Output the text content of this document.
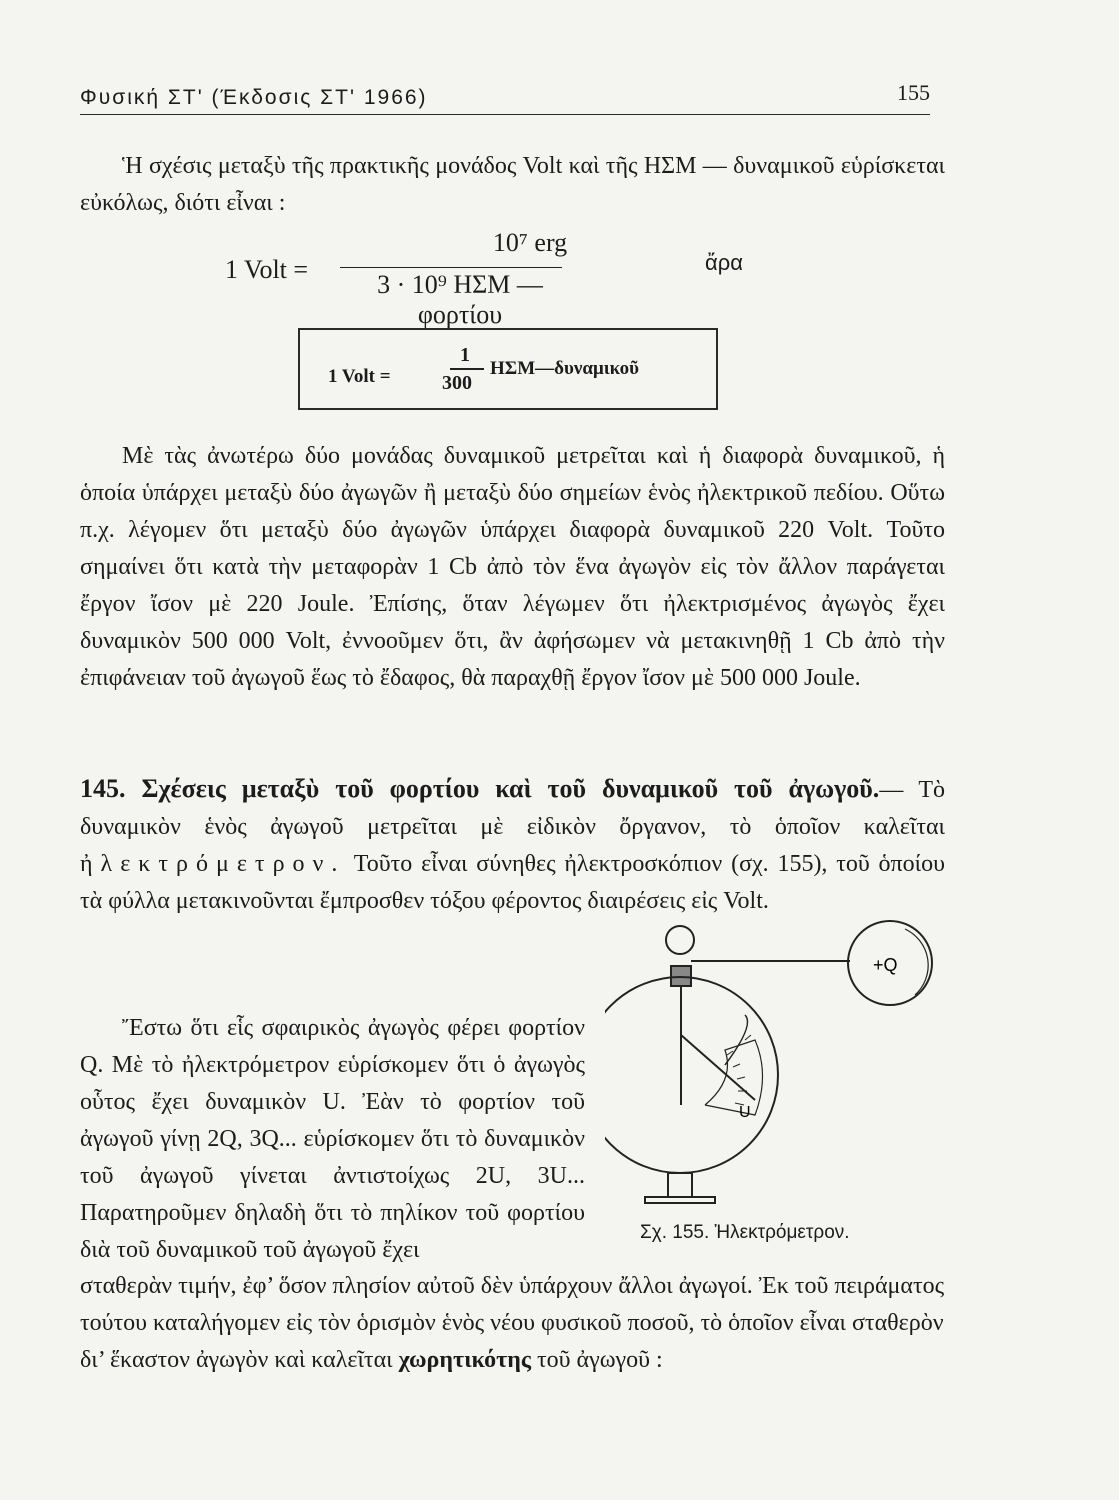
Φυσική ΣΤ' (Έκδοσις ΣΤ' 1966)	155

Ἡ σχέσις μεταξὺ τῆς πρακτικῆς μονάδος Volt καὶ τῆς ΗΣΜ — δυναμικοῦ εὑρίσκεται εὐκόλως, διότι εἶναι :

1 Volt =
10⁷ erg
3 · 10⁹ ΗΣΜ — φορτίου
ἄρα
1 Volt =
1
300
ΗΣΜ—δυναμικοῦ

Μὲ τὰς ἀνωτέρω δύο μονάδας δυναμικοῦ μετρεῖται καὶ ἡ διαφορὰ δυναμικοῦ, ἡ ὁποία ὑπάρχει μεταξὺ δύο ἀγωγῶν ἢ μεταξὺ δύο σημείων ἑνὸς ἠλεκτρικοῦ πεδίου. Οὕτω π.χ. λέγομεν ὅτι μεταξὺ δύο ἀγωγῶν ὑπάρχει διαφορὰ δυναμικοῦ 220 Volt. Τοῦτο σημαίνει ὅτι κατὰ τὴν μεταφορὰν 1 Cb ἀπὸ τὸν ἕνα ἀγωγὸν εἰς τὸν ἄλλον παράγεται ἔργον ἴσον μὲ 220 Joule. Ἐπίσης, ὅταν λέγωμεν ὅτι ἠλεκτρισμένος ἀγωγὸς ἔχει δυναμικὸν 500 000 Volt, ἐννοοῦμεν ὅτι, ἂν ἀφήσωμεν νὰ μετακινηθῇ 1 Cb ἀπὸ τὴν ἐπιφάνειαν τοῦ ἀγωγοῦ ἕως τὸ ἔδαφος, θὰ παραχθῇ ἔργον ἴσον μὲ 500 000 Joule.

145. Σχέσεις μεταξὺ τοῦ φορτίου καὶ τοῦ δυναμικοῦ τοῦ ἀγωγοῦ.— Τὸ δυναμικὸν ἑνὸς ἀγωγοῦ μετρεῖται μὲ εἰδικὸν ὄργανον, τὸ ὁποῖον καλεῖται ἠλεκτρόμετρον. Τοῦτο εἶναι σύνηθες ἠλεκτροσκόπιον (σχ. 155), τοῦ ὁποίου τὰ φύλλα μετακινοῦνται ἔμπροσθεν τόξου φέροντος διαιρέσεις εἰς Volt.

Ἔστω ὅτι εἷς σφαιρικὸς ἀγωγὸς φέρει φορτίον Q. Μὲ τὸ ἠλεκτρόμετρον εὑρίσκομεν ὅτι ὁ ἀγωγὸς οὗτος ἔχει δυναμικὸν U. Ἐὰν τὸ φορτίον τοῦ ἀγωγοῦ γίνῃ 2Q, 3Q... εὑρίσκομεν ὅτι τὸ δυναμικὸν τοῦ ἀγωγοῦ γίνεται ἀντιστοίχως 2U, 3U... Παρατηροῦμεν δηλαδὴ ὅτι τὸ πηλίκον τοῦ φορτίου διὰ τοῦ δυναμικοῦ τοῦ ἀγωγοῦ ἔχει

σταθερὰν τιμήν, ἐφ’ ὅσον πλησίον αὐτοῦ δὲν ὑπάρχουν ἄλλοι ἀγωγοί. Ἐκ τοῦ πειράματος τούτου καταλήγομεν εἰς τὸν ὁρισμὸν ἑνὸς νέου φυσικοῦ ποσοῦ, τὸ ὁποῖον εἶναι σταθερὸν δι’ ἕκαστον ἀγωγὸν καὶ καλεῖται χωρητικότης τοῦ ἀγωγοῦ :

+Q
U
Σχ. 155. Ἠλεκτρόμετρον.
